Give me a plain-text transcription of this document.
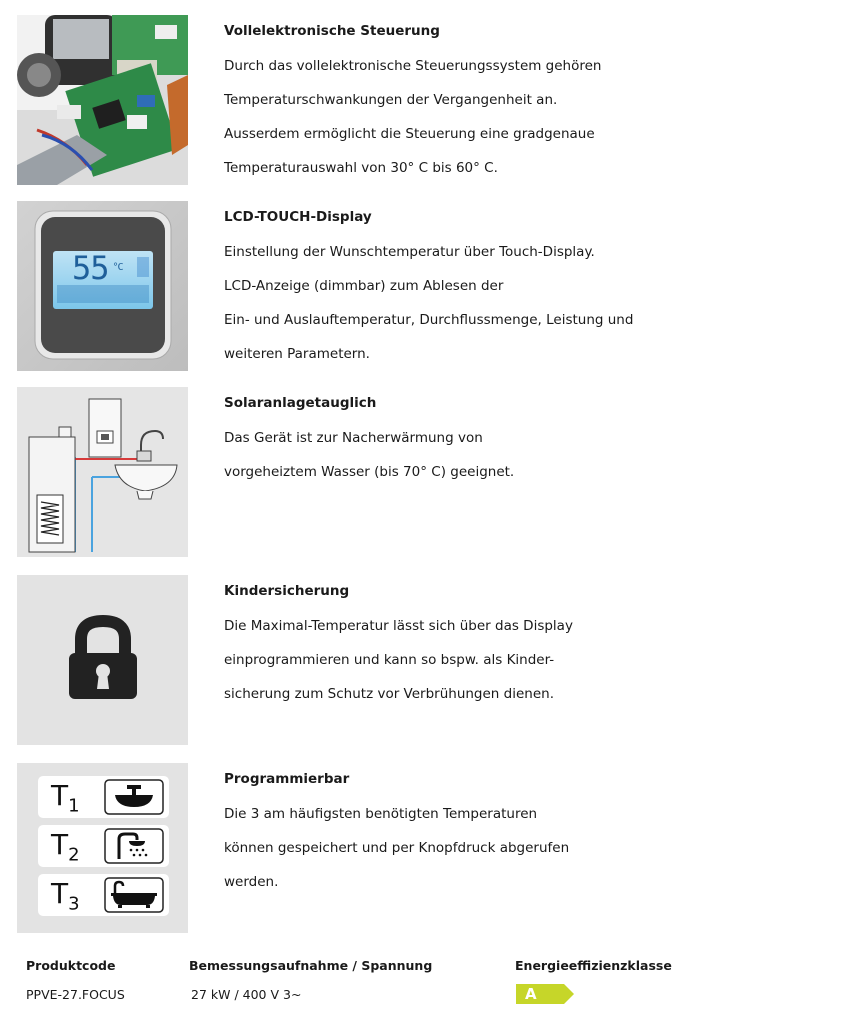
Vollelektronische Steuerung

Durch das vollelektronische Steuerungssystem gehören

Temperaturschwankungen der Vergangenheit an.

Ausserdem ermöglicht die Steuerung eine gradgenaue

Temperaturauswahl von 30° C bis 60° C.

55 $^{^\circ C}$

LCD-TOUCH-Display

Einstellung der Wunschtemperatur über Touch-Display.

LCD-Anzeige (dimmbar) zum Ablesen der

Ein- und Auslauftemperatur, Durchflussmenge, Leistung und

weiteren Parametern.

Solaranlagetauglich

Das Gerät ist zur Nacherwärmung von

vorgeheiztem Wasser (bis 70° C) geeignet.

Kindersicherung

Die Maximal-Temperatur lässt sich über das Display

einprogrammieren und kann so bspw. als Kinder-

sicherung zum Schutz vor Verbrühungen dienen.

$T_1$
$T_2$
$T_3$

Programmierbar

Die 3 am häufigsten benötigten Temperaturen

können gespeichert und per Knopfdruck abgerufen

werden.

Produktcode
PPVE-27.FOCUS
Bemessungsaufnahme / Spannung
27 kW / 400 V 3~
Energieeffizienzklasse
A
